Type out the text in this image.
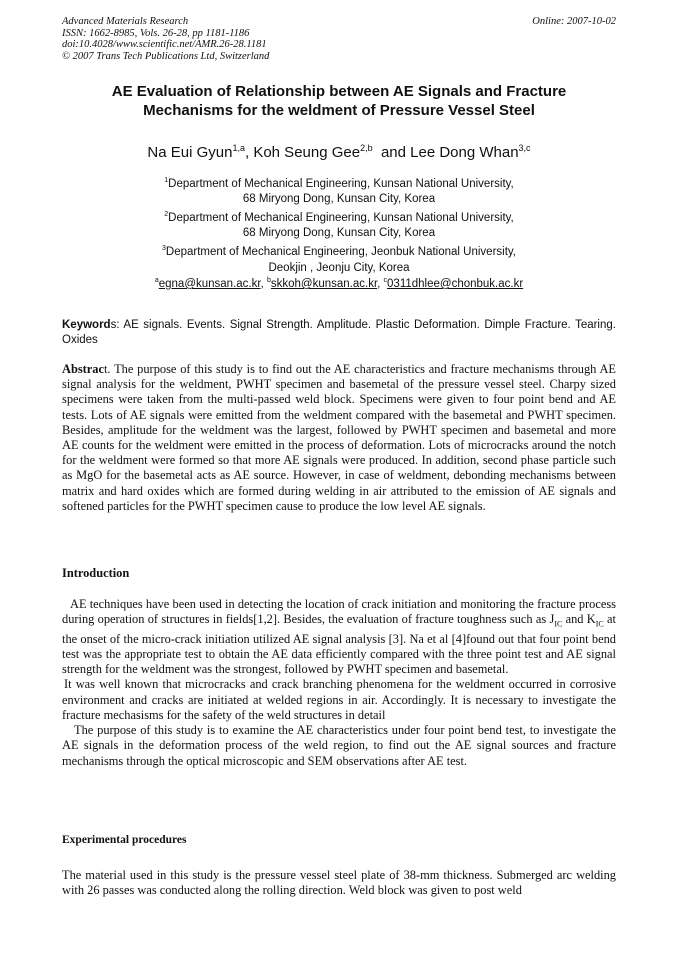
Advanced Materials Research
ISSN: 1662-8985, Vols. 26-28, pp 1181-1186
doi:10.4028/www.scientific.net/AMR.26-28.1181
© 2007 Trans Tech Publications Ltd, Switzerland
Online: 2007-10-02
AE Evaluation of Relationship between AE Signals and Fracture
Mechanisms for the weldment of Pressure Vessel Steel
Na Eui Gyun$^{1,a}$, Koh Seung Gee$^{2,b}$  and Lee Dong Whan$^{3,c}$
$^1$Department of Mechanical Engineering, Kunsan National University,
68 Miryong Dong, Kunsan City, Korea
$^2$Department of Mechanical Engineering, Kunsan National University,
68 Miryong Dong, Kunsan City, Korea
$^3$Department of Mechanical Engineering, Jeonbuk National University,
Deokjin , Jeonju City, Korea
$^a$egna@kunsan.ac.kr, $^b$skkoh@kunsan.ac.kr, $^c$0311dhlee@chonbuk.ac.kr
Keywords: AE signals. Events. Signal Strength. Amplitude. Plastic Deformation. Dimple Fracture. Tearing. Oxides
Abstract. The purpose of this study is to find out the AE characteristics and fracture mechanisms through AE signal analysis for the weldment, PWHT specimen and basemetal of the pressure vessel steel. Charpy sized specimens were taken from the multi-passed weld block. Specimens were given to four point bend and AE tests. Lots of AE signals were emitted from the weldment compared with the basemetal and PWHT specimen. Besides, amplitude for the weldment was the largest, followed by PWHT specimen and basemetal and more AE counts for the weldment were emitted in the process of deformation. Lots of microcracks around the notch for the weldment were formed so that more AE signals were produced. In addition, second phase particle such as MgO for the basemetal acts as AE source. However, in case of weldment, debonding mechanisms between matrix and hard oxides which are formed during welding in air attributed to the emission of AE signals and softened particles for the PWHT specimen cause to produce the low level AE signals.
Introduction

AE techniques have been used in detecting the location of crack initiation and monitoring the fracture process during operation of structures in fields[1,2]. Besides, the evaluation of fracture toughness such as $J_{IC}$ and $K_{IC}$ at the onset of the micro-crack initiation utilized AE signal analysis [3]. Na et al [4]found out that four point bend test was the appropriate test to obtain the AE data efficiently compared with the three point test and AE signal strength for the weldment was the strongest, followed by PWHT specimen and basemetal.

It was well known that microcracks and crack branching phenomena for the weldment occurred in corrosive environment and cracks are initiated at welded regions in air. Accordingly. It is necessary to investigate the fracture mechasisms for the safety of the weld structures in detail

The purpose of this study is to examine the AE characteristics under four point bend test, to investigate the AE signals in the deformation process of the weld region, to find out the AE signal sources and fracture mechanisms through the optical microscopic and SEM observations after AE test.

Experimental procedures
The material used in this study is the pressure vessel steel plate of 38-mm thickness. Submerged arc welding with 26 passes was conducted along the rolling direction. Weld block was given to post weld
